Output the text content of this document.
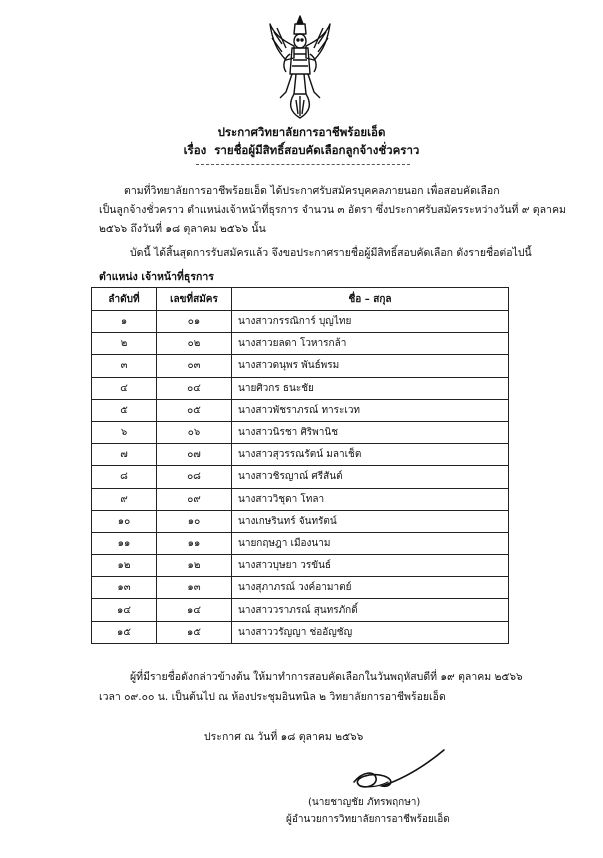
ประกาศวิทยาลัยการอาชีพร้อยเอ็ด
เรื่อง รายชื่อผู้มีสิทธิ์สอบคัดเลือกลูกจ้างชั่วคราว
ตามที่วิทยาลัยการอาชีพร้อยเอ็ด ได้ประกาศรับสมัครบุคคลภายนอก เพื่อสอบคัดเลือก
เป็นลูกจ้างชั่วคราว ตำแหน่งเจ้าหน้าที่ธุรการ จำนวน ๓ อัตรา ซึ่งประกาศรับสมัครระหว่างวันที่ ๙ ตุลาคม
๒๕๖๖ ถึงวันที่ ๑๘ ตุลาคม ๒๕๖๖ นั้น
บัดนี้ ได้สิ้นสุดการรับสมัครแล้ว จึงขอประกาศรายชื่อผู้มีสิทธิ์สอบคัดเลือก ดังรายชื่อต่อไปนี้
ตำแหน่ง เจ้าหน้าที่ธุรการ
ลำดับที่	เลขที่สมัคร	ชื่อ – สกุล
๑	๐๑	นางสาวกรรณิการ์ บุญไทย
๒	๐๒	นางสาวยลดา โวหารกล้า
๓	๐๓	นางสาวดนุพร พันธ์พรม
๔	๐๔	นายศิวกร ธนะชัย
๕	๐๕	นางสาวพัชราภรณ์ ทาระเวท
๖	๐๖	นางสาวนิรชา ศิริพานิช
๗	๐๗	นางสาวสุวรรณรัตน์ มลาเช็ต
๘	๐๘	นางสาวชิรญาณ์ ศรีสันต์
๙	๐๙	นางสาววิชุดา โทลา
๑๐	๑๐	นางเกษรินทร์ จันทรัตน์
๑๑	๑๑	นายกฤษฎา เมืองนาม
๑๒	๑๒	นางสาวบุษยา วรขันธ์
๑๓	๑๓	นางสุภาภรณ์ วงค์อามาตย์
๑๔	๑๔	นางสาววราภรณ์ สุนทรภักดิ์
๑๕	๑๕	นางสาววรัญญา ช่ออัญชัญ
ผู้ที่มีรายชื่อดังกล่าวข้างต้น ให้มาทำการสอบคัดเลือกในวันพฤหัสบดีที่ ๑๙ ตุลาคม ๒๕๖๖
เวลา ๐๙.๐๐ น. เป็นต้นไป ณ ห้องประชุมอินทนิล ๒ วิทยาลัยการอาชีพร้อยเอ็ด
ประกาศ ณ วันที่ ๑๘ ตุลาคม ๒๕๖๖
(นายชาญชัย ภัทรพฤกษา)
ผู้อำนวยการวิทยาลัยการอาชีพร้อยเอ็ด
